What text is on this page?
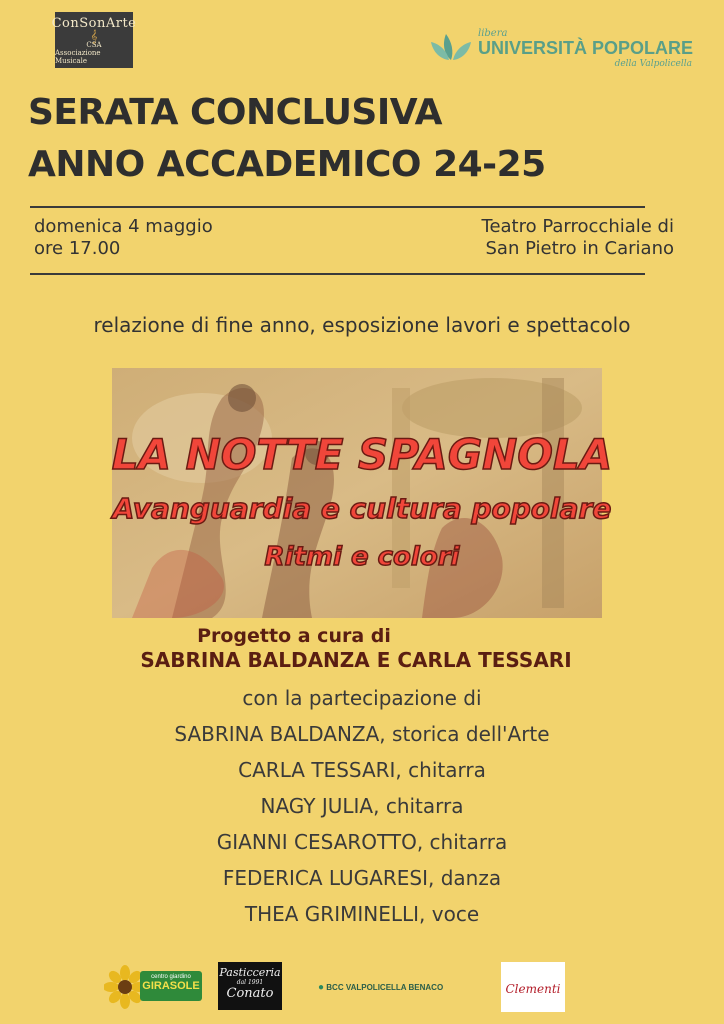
ConSonArte
𝄞
CSA
Associazione Musicale
libera
UNIVERSITÀ POPOLARE
della Valpolicella
SERATA CONCLUSIVA
ANNO ACCADEMICO 24-25
domenica 4 maggio
ore 17.00
Teatro Parrocchiale di
San Pietro in Cariano
relazione di fine anno, esposizione lavori e spettacolo
LA NOTTE SPAGNOLA
Avanguardia e cultura popolare
Ritmi e colori
Progetto a cura di
SABRINA BALDANZA E CARLA TESSARI
con la partecipazione di
SABRINA BALDANZA, storica dell'Arte
CARLA TESSARI, chitarra
NAGY JULIA, chitarra
GIANNI CESAROTTO, chitarra
FEDERICA LUGARESI, danza
THEA GRIMINELLI, voce
centro giardino
GIRASOLE
Pasticceria
dal 1991
Conato	● BCC VALPOLICELLA BENACO	Clementi
